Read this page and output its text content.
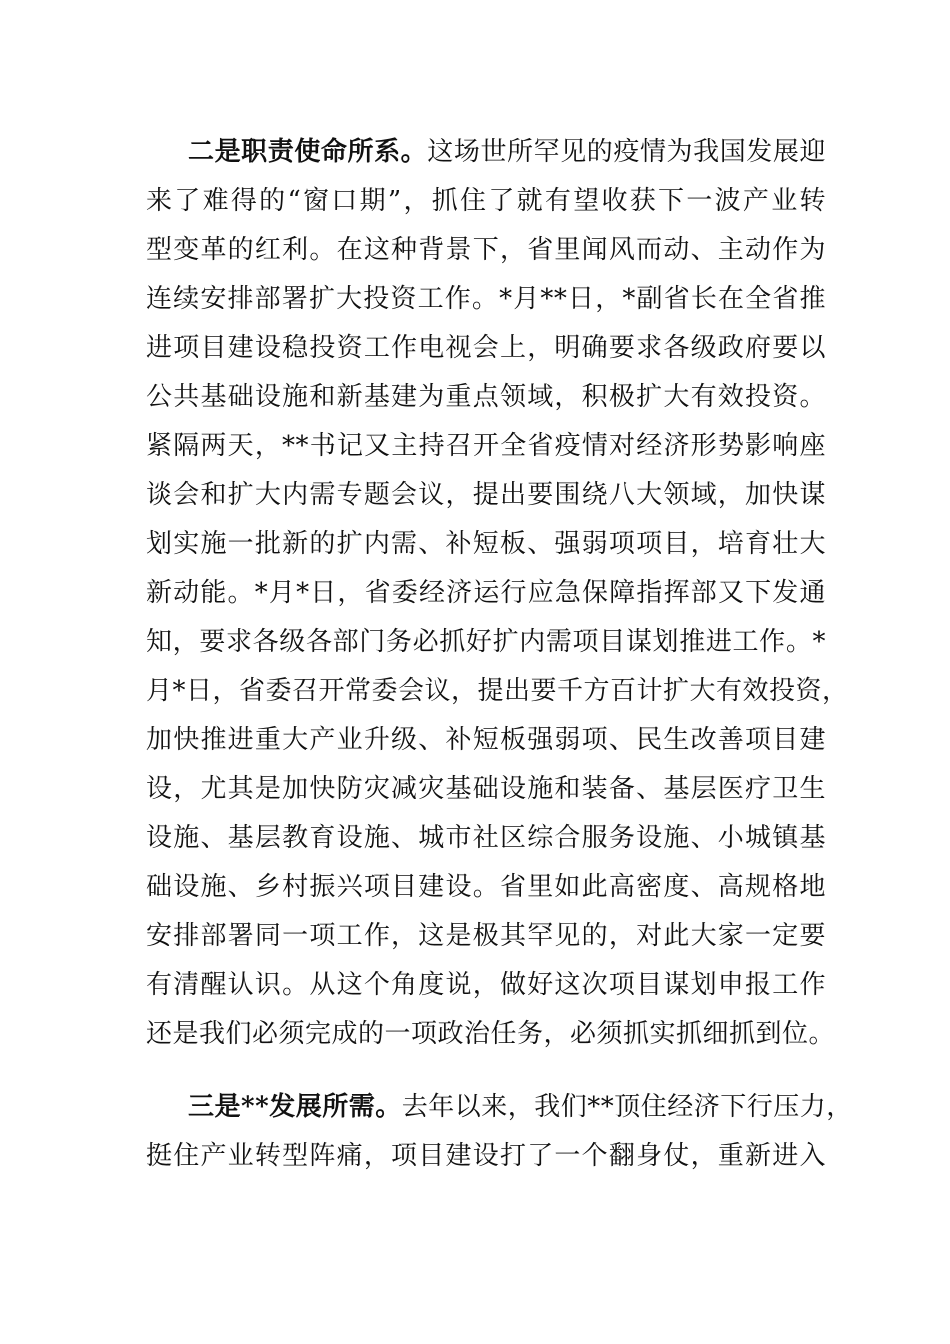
二是职责使命所系。这场世所罕见的疫情为我国发展迎
来了难得的“窗口期”，抓住了就有望收获下一波产业转
型变革的红利。在这种背景下，省里闻风而动、主动作为
连续安排部署扩大投资工作。*月**日，*副省长在全省推
进项目建设稳投资工作电视会上，明确要求各级政府要以
公共基础设施和新基建为重点领域，积极扩大有效投资。
紧隔两天，**书记又主持召开全省疫情对经济形势影响座
谈会和扩大内需专题会议，提出要围绕八大领域，加快谋
划实施一批新的扩内需、补短板、强弱项项目，培育壮大
新动能。*月*日，省委经济运行应急保障指挥部又下发通
知，要求各级各部门务必抓好扩内需项目谋划推进工作。*
月*日，省委召开常委会议，提出要千方百计扩大有效投资，
加快推进重大产业升级、补短板强弱项、民生改善项目建
设，尤其是加快防灾减灾基础设施和装备、基层医疗卫生
设施、基层教育设施、城市社区综合服务设施、小城镇基
础设施、乡村振兴项目建设。省里如此高密度、高规格地
安排部署同一项工作，这是极其罕见的，对此大家一定要
有清醒认识。从这个角度说，做好这次项目谋划申报工作
还是我们必须完成的一项政治任务，必须抓实抓细抓到位。
三是**发展所需。去年以来，我们**顶住经济下行压力，
挺住产业转型阵痛，项目建设打了一个翻身仗，重新进入
